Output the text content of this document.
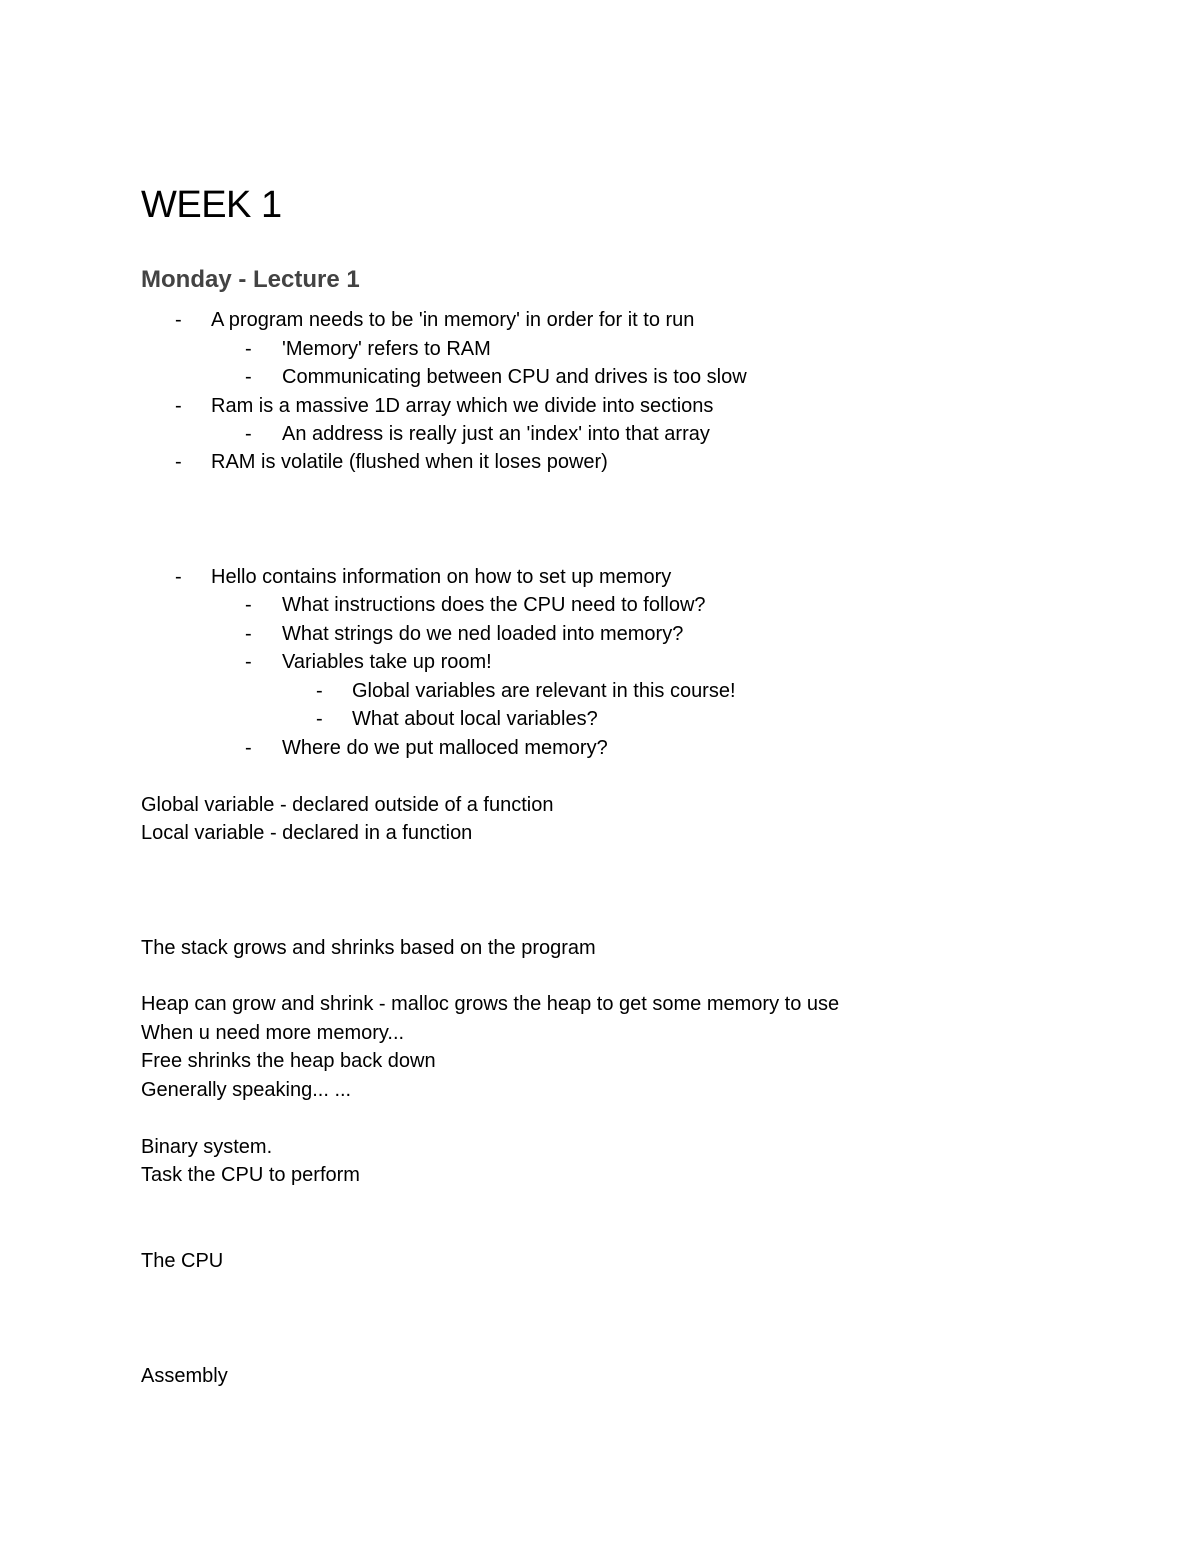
WEEK 1
Monday - Lecture 1
- A program needs to be 'in memory' in order for it to run
- 'Memory' refers to RAM
- Communicating between CPU and drives is too slow
- Ram is a massive 1D array which we divide into sections
- An address is really just an 'index' into that array
- RAM is volatile (flushed when it loses power)
- Hello contains information on how to set up memory
- What instructions does the CPU need to follow?
- What strings do we ned loaded into memory?
- Variables take up room!
- Global variables are relevant in this course!
- What about local variables?
- Where do we put malloced memory?
Global variable - declared outside of a function
Local variable - declared in a function
The stack grows and shrinks based on the program
Heap can grow and shrink - malloc grows the heap to get some memory to use
When u need more memory...
Free shrinks the heap back down
Generally speaking... ...
Binary system.
Task the CPU to perform
The CPU
Assembly
